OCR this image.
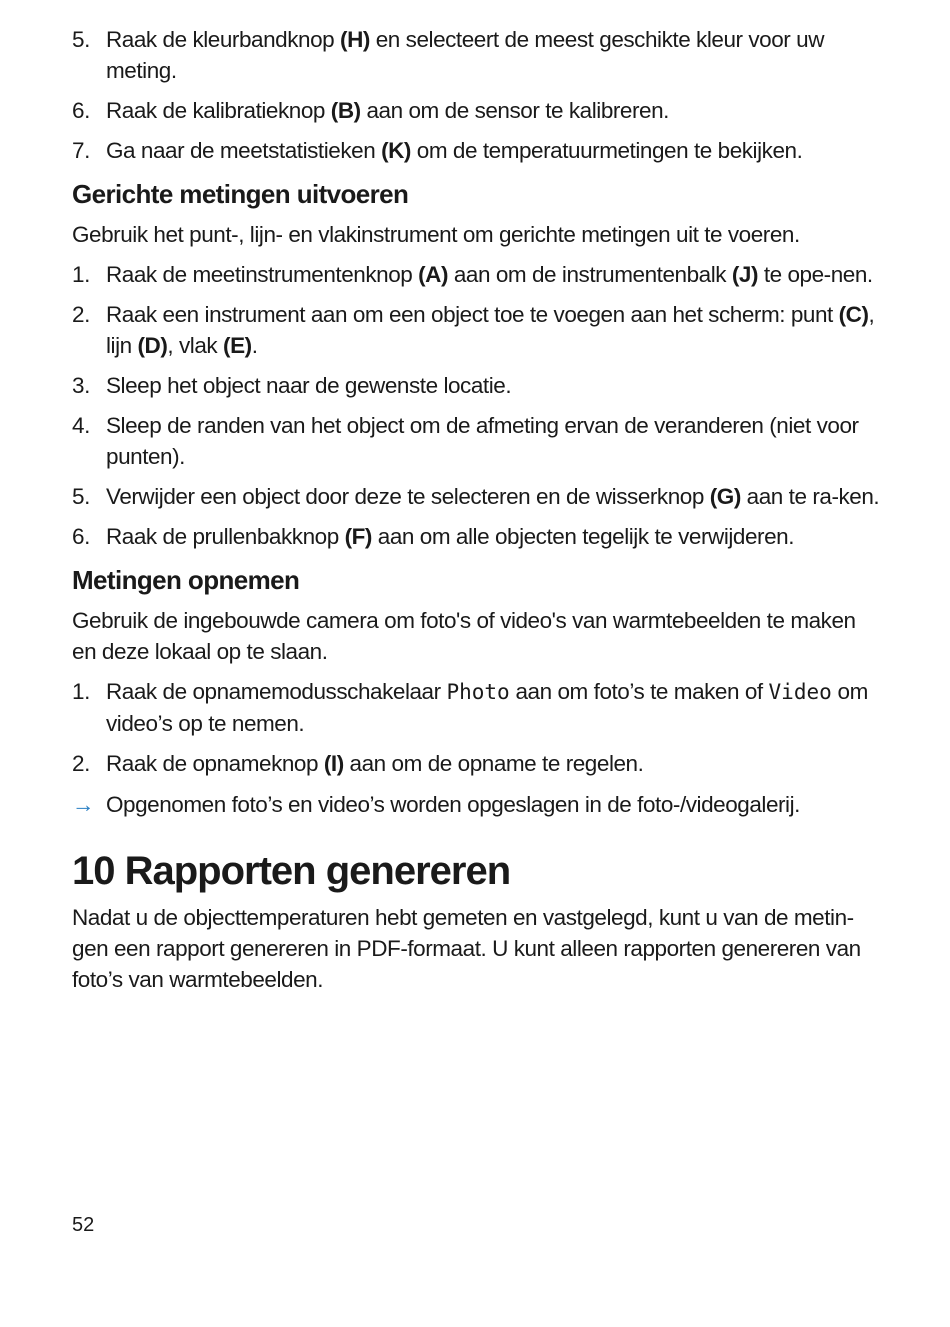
5. Raak de kleurbandknop (H) en selecteert de meest geschikte kleur voor uw meting.
6. Raak de kalibratieknop (B) aan om de sensor te kalibreren.
7. Ga naar de meetstatistieken (K) om de temperatuurmetingen te bekijken.
Gerichte metingen uitvoeren

Gebruik het punt-, lijn- en vlakinstrument om gerichte metingen uit te voeren.

1. Raak de meetinstrumentenknop (A) aan om de instrumentenbalk (J) te ope-nen.
2. Raak een instrument aan om een object toe te voegen aan het scherm: punt (C), lijn (D), vlak (E).
3. Sleep het object naar de gewenste locatie.
4. Sleep de randen van het object om de afmeting ervan de veranderen (niet voor punten).
5. Verwijder een object door deze te selecteren en de wisserknop (G) aan te ra-ken.
6. Raak de prullenbakknop (F) aan om alle objecten tegelijk te verwijderen.
Metingen opnemen

Gebruik de ingebouwde camera om foto's of video's van warmtebeelden te maken en deze lokaal op te slaan.

1. Raak de opnamemodusschakelaar Photo aan om foto’s te maken of Video om video’s op te nemen.
2. Raak de opnameknop (I) aan om de opname te regelen.
→ Opgenomen foto’s en video’s worden opgeslagen in de foto-/videogalerij.
10 Rapporten genereren

Nadat u de objecttemperaturen hebt gemeten en vastgelegd, kunt u van de metin-gen een rapport genereren in PDF-formaat. U kunt alleen rapporten genereren van foto’s van warmtebeelden.

52
